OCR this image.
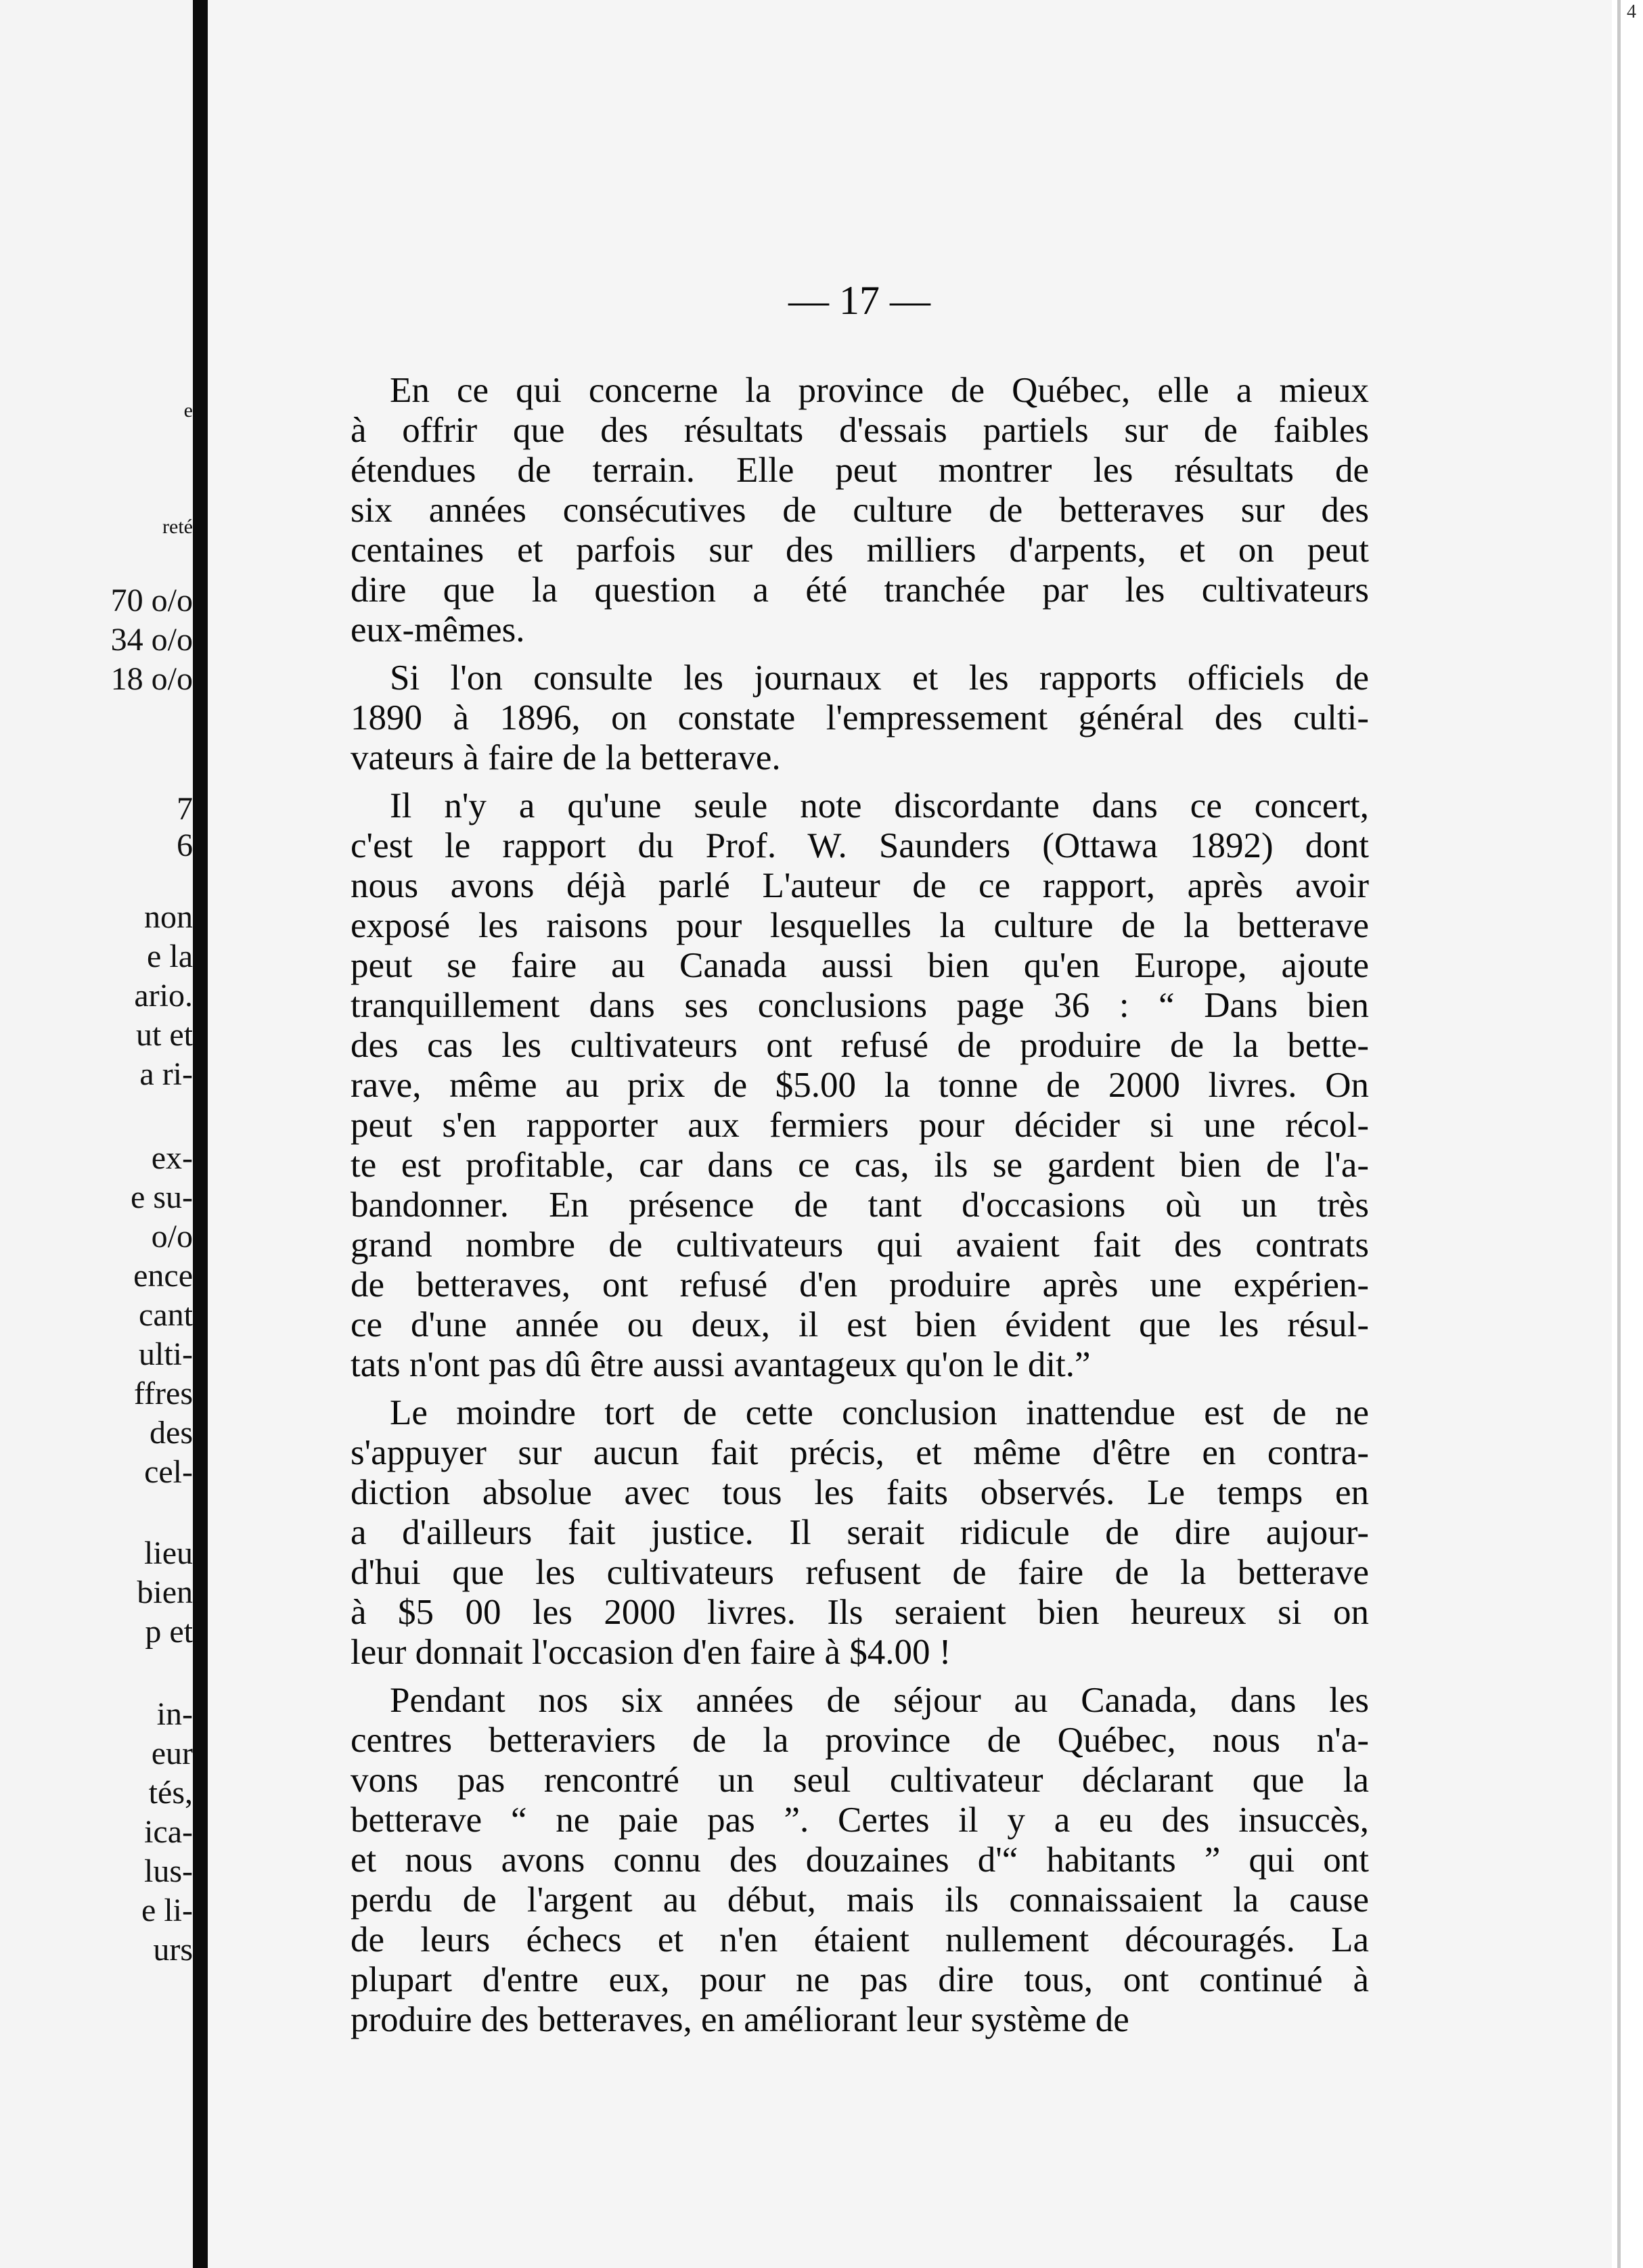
e
reté
70 o/o
34 o/o
18 o/o
7
6
non
e la
ario.
ut et
a ri-
ex-
e su-
o/o
ence
cant
ulti-
ffres
des
cel-
lieu
bien
p et
in-
eur
tés,
ica-
lus-
e li-
urs
4
— 17 —
En ce qui concerne la province de Québec, elle a mieux
à offrir que des résultats d'essais partiels sur de faibles
étendues de terrain. Elle peut montrer les résultats de
six années consécutives de culture de betteraves sur des
centaines et parfois sur des milliers d'arpents, et on peut
dire que la question a été tranchée par les cultivateurs
eux-mêmes.
Si l'on consulte les journaux et les rapports officiels de
1890 à 1896, on constate l'empressement général des culti-
vateurs à faire de la betterave.
Il n'y a qu'une seule note discordante dans ce concert,
c'est le rapport du Prof. W. Saunders (Ottawa 1892) dont
nous avons déjà parlé L'auteur de ce rapport, après avoir
exposé les raisons pour lesquelles la culture de la betterave
peut se faire au Canada aussi bien qu'en Europe, ajoute
tranquillement dans ses conclusions page 36 : “ Dans bien
des cas les cultivateurs ont refusé de produire de la bette-
rave, même au prix de $5.00 la tonne de 2000 livres. On
peut s'en rapporter aux fermiers pour décider si une récol-
te est profitable, car dans ce cas, ils se gardent bien de l'a-
bandonner. En présence de tant d'occasions où un très
grand nombre de cultivateurs qui avaient fait des contrats
de betteraves, ont refusé d'en produire après une expérien-
ce d'une année ou deux, il est bien évident que les résul-
tats n'ont pas dû être aussi avantageux qu'on le dit.”
Le moindre tort de cette conclusion inattendue est de ne
s'appuyer sur aucun fait précis, et même d'être en contra-
diction absolue avec tous les faits observés. Le temps en
a d'ailleurs fait justice. Il serait ridicule de dire aujour-
d'hui que les cultivateurs refusent de faire de la betterave
à $5 00 les 2000 livres. Ils seraient bien heureux si on
leur donnait l'occasion d'en faire à $4.00 !
Pendant nos six années de séjour au Canada, dans les
centres betteraviers de la province de Québec, nous n'a-
vons pas rencontré un seul cultivateur déclarant que la
betterave “ ne paie pas ”. Certes il y a eu des insuccès,
et nous avons connu des douzaines d'“ habitants ” qui ont
perdu de l'argent au début, mais ils connaissaient la cause
de leurs échecs et n'en étaient nullement découragés. La
plupart d'entre eux, pour ne pas dire tous, ont continué à
produire des betteraves, en améliorant leur système de
